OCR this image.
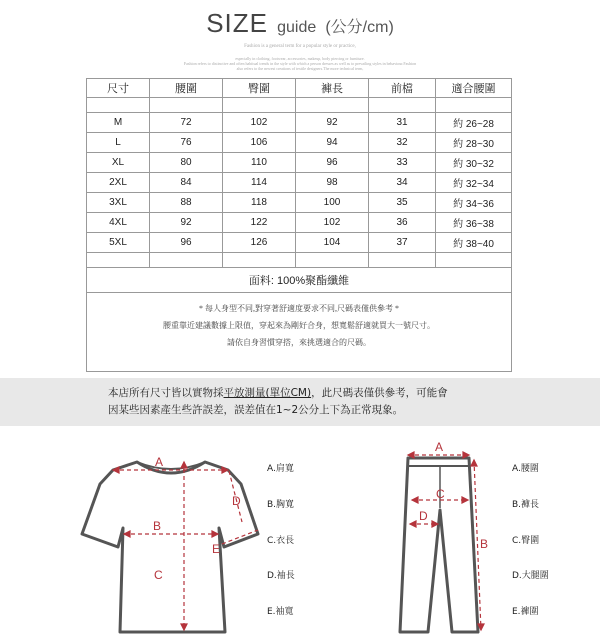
SIZE guide (公分/cm)
Fashion is a general term for a popular style or practice,
especially in clothing, footwear, accessories, makeup, body piercing or furniture.
Fashion refers to distinctive and often habitual trends in the style with which a person dresses as well as to prevailing styles in behaviour.Fashion
also refers to the newest creations of textile designers.The more technical term,
尺寸	腰圍	臀圍	褲長	前檔	適合腰圍

M	72	102	92	31	約 26~28
L	76	106	94	32	約 28~30
XL	80	110	96	33	約 30~32
2XL	84	114	98	34	約 32~34
3XL	88	118	100	35	約 34~36
4XL	92	122	102	36	約 36~38
5XL	96	126	104	37	約 38~40

面料: 100%聚酯纖維					
* 每人身型不同,對穿著舒適度要求不同,尺碼表僅供參考 *
腰重靠近建議數據上限值，穿起來為剛好合身，想寬鬆舒適就買大一號尺寸。
請依自身習慣穿搭，來挑選適合的尺碼。

本店所有尺寸皆以實物採平放測量(單位CM)，此尺碼表僅供參考，可能會

因某些因素產生些許誤差，誤差值在1~2公分上下為正常現象。

A
B
C
D
E
A
B
C
D
A.肩寬
B.胸寬
C.衣長
D.袖長
E.袖寬
A.腰圍
B.褲長
C.臀圍
D.大腿圍
E.褲圍
